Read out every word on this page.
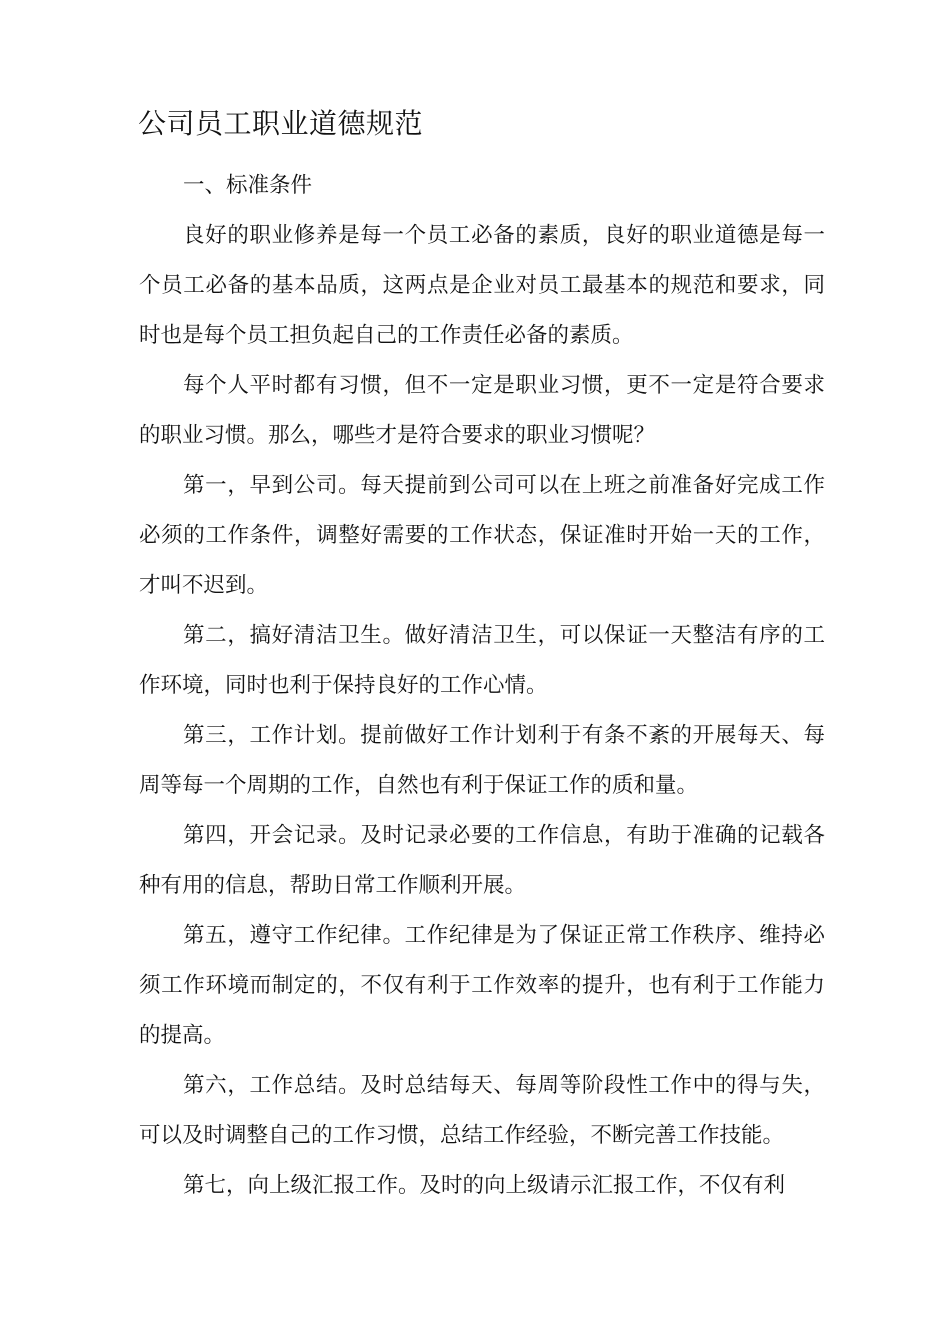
公司员工职业道德规范

一、标准条件

良好的职业修养是每一个员工必备的素质，良好的职业道德是每一个员工必备的基本品质，这两点是企业对员工最基本的规范和要求，同时也是每个员工担负起自己的工作责任必备的素质。

每个人平时都有习惯，但不一定是职业习惯，更不一定是符合要求的职业习惯。那么，哪些才是符合要求的职业习惯呢？

第一，早到公司。每天提前到公司可以在上班之前准备好完成工作必须的工作条件，调整好需要的工作状态，保证准时开始一天的工作，才叫不迟到。

第二，搞好清洁卫生。做好清洁卫生，可以保证一天整洁有序的工作环境，同时也利于保持良好的工作心情。

第三，工作计划。提前做好工作计划利于有条不紊的开展每天、每周等每一个周期的工作，自然也有利于保证工作的质和量。

第四，开会记录。及时记录必要的工作信息，有助于准确的记载各种有用的信息，帮助日常工作顺利开展。

第五，遵守工作纪律。工作纪律是为了保证正常工作秩序、维持必须工作环境而制定的，不仅有利于工作效率的提升，也有利于工作能力的提高。

第六，工作总结。及时总结每天、每周等阶段性工作中的得与失，可以及时调整自己的工作习惯，总结工作经验，不断完善工作技能。

第七，向上级汇报工作。及时的向上级请示汇报工作，不仅有利
